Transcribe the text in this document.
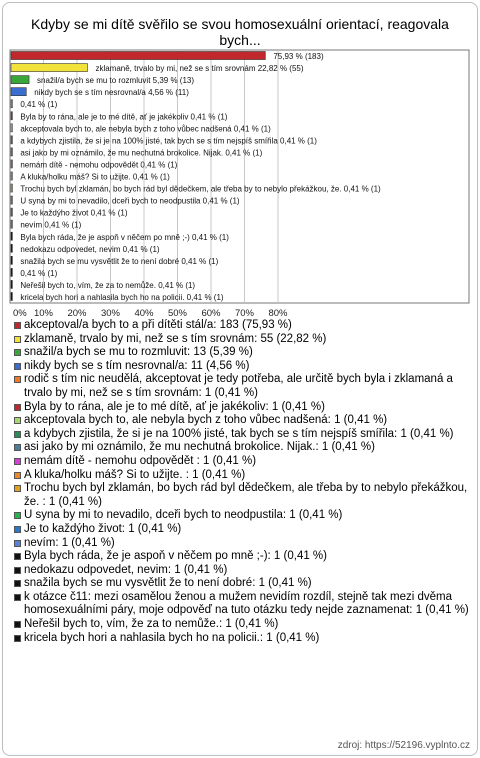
Kdyby se mi dítě svěřilo se svou homosexuální orientací, reagovala bych...
0% 10% 20% 30% 40% 50% 60% 70% 80%
75,93 % (183)
zklamaně, trvalo by mi, než se s tím srovnám 22,82 % (55)
snažil/a bych se mu to rozmluvit 5,39 % (13)
nikdy bych se s tím nesrovnal/a 4,56 % (11)
0,41 % (1)
Byla by to rána, ale je to mé dítě, ať je jakékoliv 0,41 % (1)
akceptovala bych to, ale nebyla bych z toho vůbec nadšená 0,41 % (1)
a kdybych zjistila, že si je na 100% jisté, tak bych se s tím nejspíš smířila 0,41 % (1)
asi jako by mi oznámilo, že mu nechutná brokolice. Nijak. 0,41 % (1)
nemám dítě - nemohu odpovědět 0,41 % (1)
A kluka/holku máš? Si to užijte. 0,41 % (1)
Trochu bych byl zklamán, bo bych rád byl dědečkem, ale třeba by to nebylo překážkou, že. 0,41 % (1)
U syna by mi to nevadilo, dceři bych to neodpustila 0,41 % (1)
Je to každýho život 0,41 % (1)
nevím 0,41 % (1)
Byla bych ráda, že je aspoň v něčem po mně ;-) 0,41 % (1)
nedokazu odpovedet, nevim 0,41 % (1)
snažila bych se mu vysvětlit že to není dobré 0,41 % (1)
0,41 % (1)
Neřešil bych to, vím, že za to nemůže. 0,41 % (1)
kricela bych hori a nahlasila bych ho na policii. 0,41 % (1)
akceptoval/a bych to a při dítěti stál/a: 183 (75,93 %)
zklamaně, trvalo by mi, než se s tím srovnám: 55 (22,82 %)
snažil/a bych se mu to rozmluvit: 13 (5,39 %)
nikdy bych se s tím nesrovnal/a: 11 (4,56 %)
rodič s tím nic neudělá, akceptovat je tedy potřeba, ale určitě bych byla i zklamaná a trvalo by mi, než se s tím srovnám: 1 (0,41 %)
Byla by to rána, ale je to mé dítě, ať je jakékoliv: 1 (0,41 %)
akceptovala bych to, ale nebyla bych z toho vůbec nadšená: 1 (0,41 %)
a kdybych zjistila, že si je na 100% jisté, tak bych se s tím nejspíš smířila: 1 (0,41 %)
asi jako by mi oznámilo, že mu nechutná brokolice. Nijak.: 1 (0,41 %)
nemám dítě - nemohu odpovědět : 1 (0,41 %)
A kluka/holku máš? Si to užijte. : 1 (0,41 %)
Trochu bych byl zklamán, bo bych rád byl dědečkem, ale třeba by to nebylo překážkou, že. : 1 (0,41 %)
U syna by mi to nevadilo, dceři bych to neodpustila: 1 (0,41 %)
Je to každýho život: 1 (0,41 %)
nevím: 1 (0,41 %)
Byla bych ráda, že je aspoň v něčem po mně ;-): 1 (0,41 %)
nedokazu odpovedet, nevim: 1 (0,41 %)
snažila bych se mu vysvětlit že to není dobré: 1 (0,41 %)
k otázce č11: mezi osamělou ženou a mužem nevidím rozdíl, stejně tak mezi dvěma homosexuálními páry, moje odpověď na tuto otázku tedy nejde zaznamenat: 1 (0,41 %)
Neřešil bych to, vím, že za to nemůže.: 1 (0,41 %)
kricela bych hori a nahlasila bych ho na policii.: 1 (0,41 %)
zdroj: https://52196.vyplnto.cz
